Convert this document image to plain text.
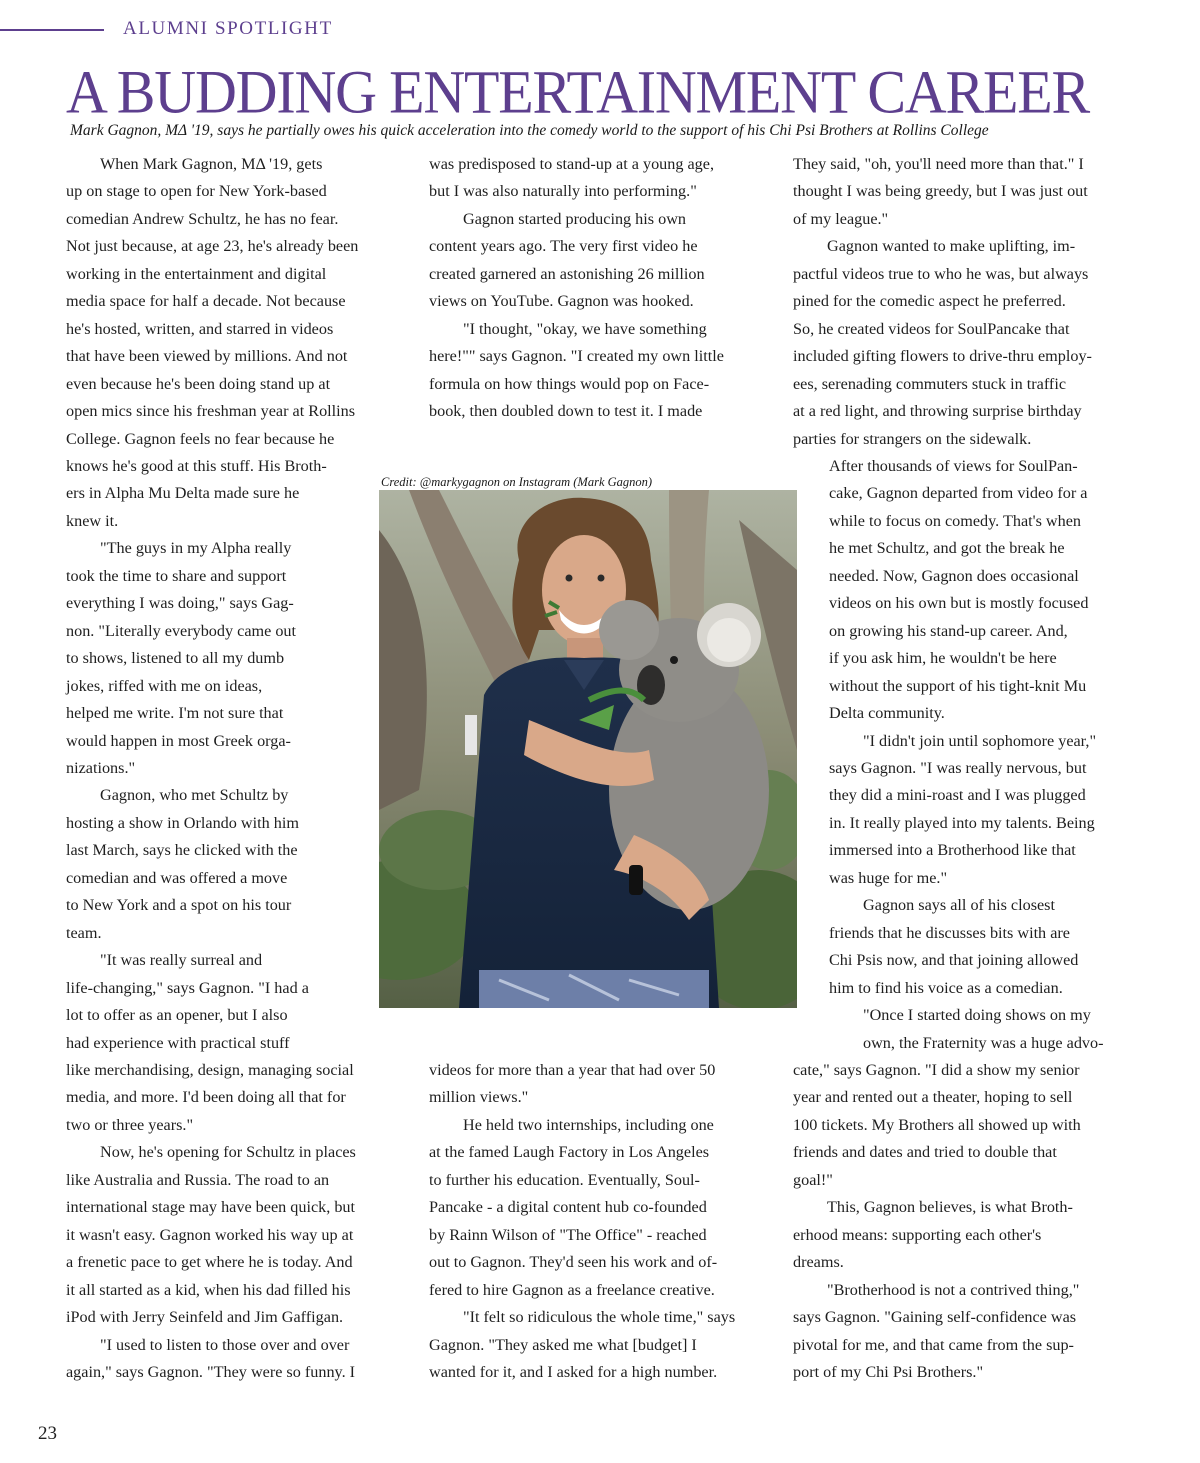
ALUMNI SPOTLIGHT

A BUDDING ENTERTAINMENT CAREER

Mark Gagnon, MΔ '19, says he partially owes his quick acceleration into the comedy world to the support of his Chi Psi Brothers at Rollins College

When Mark Gagnon, MΔ '19, gets

up on stage to open for New York-based

comedian Andrew Schultz, he has no fear.

Not just because, at age 23, he's already been

working in the entertainment and digital

media space for half a decade. Not because

he's hosted, written, and starred in videos

that have been viewed by millions. And not

even because he's been doing stand up at

open mics since his freshman year at Rollins

College. Gagnon feels no fear because he

knows he's good at this stuff. His Broth-

ers in Alpha Mu Delta made sure he

knew it.

"The guys in my Alpha really

took the time to share and support

everything I was doing," says Gag-

non. "Literally everybody came out

to shows, listened to all my dumb

jokes, riffed with me on ideas,

helped me write. I'm not sure that

would happen in most Greek orga-

nizations."

Gagnon, who met Schultz by

hosting a show in Orlando with him

last March, says he clicked with the

comedian and was offered a move

to New York and a spot on his tour

team.

"It was really surreal and

life-changing," says Gagnon. "I had a

lot to offer as an opener, but I also

had experience with practical stuff

like merchandising, design, managing social

media, and more. I'd been doing all that for

two or three years."

Now, he's opening for Schultz in places

like Australia and Russia. The road to an

international stage may have been quick, but

it wasn't easy. Gagnon worked his way up at

a frenetic pace to get where he is today. And

it all started as a kid, when his dad filled his

iPod with Jerry Seinfeld and Jim Gaffigan.

"I used to listen to those over and over

again," says Gagnon. "They were so funny. I

was predisposed to stand-up at a young age,

but I was also naturally into performing."

Gagnon started producing his own

content years ago. The very first video he

created garnered an astonishing 26 million

views on YouTube. Gagnon was hooked.

"I thought, "okay, we have something

here!"" says Gagnon. "I created my own little

formula on how things would pop on Face-

book, then doubled down to test it. I made

videos for more than a year that had over 50

million views."

He held two internships, including one

at the famed Laugh Factory in Los Angeles

to further his education. Eventually, Soul-

Pancake - a digital content hub co-founded

by Rainn Wilson of "The Office" - reached

out to Gagnon. They'd seen his work and of-

fered to hire Gagnon as a freelance creative.

"It felt so ridiculous the whole time," says

Gagnon. "They asked me what [budget] I

wanted for it, and I asked for a high number.

They said, "oh, you'll need more than that." I

thought I was being greedy, but I was just out

of my league."

Gagnon wanted to make uplifting, im-

pactful videos true to who he was, but always

pined for the comedic aspect he preferred.

So, he created videos for SoulPancake that

included gifting flowers to drive-thru employ-

ees, serenading commuters stuck in traffic

at a red light, and throwing surprise birthday

parties for strangers on the sidewalk.

After thousands of views for SoulPan-

cake, Gagnon departed from video for a

while to focus on comedy. That's when

he met Schultz, and got the break he

needed. Now, Gagnon does occasional

videos on his own but is mostly focused

on growing his stand-up career. And,

if you ask him, he wouldn't be here

without the support of his tight-knit Mu

Delta community.

"I didn't join until sophomore year,"

says Gagnon. "I was really nervous, but

they did a mini-roast and I was plugged

in. It really played into my talents. Being

immersed into a Brotherhood like that

was huge for me."

Gagnon says all of his closest

friends that he discusses bits with are

Chi Psis now, and that joining allowed

him to find his voice as a comedian.

"Once I started doing shows on my

own, the Fraternity was a huge advo-

cate," says Gagnon. "I did a show my senior

year and rented out a theater, hoping to sell

100 tickets. My Brothers all showed up with

friends and dates and tried to double that

goal!"

This, Gagnon believes, is what Broth-

erhood means: supporting each other's

dreams.

"Brotherhood is not a contrived thing,"

says Gagnon. "Gaining self-confidence was

pivotal for me, and that came from the sup-

port of my Chi Psi Brothers."

Credit: @markygagnon on Instagram (Mark Gagnon)

23
